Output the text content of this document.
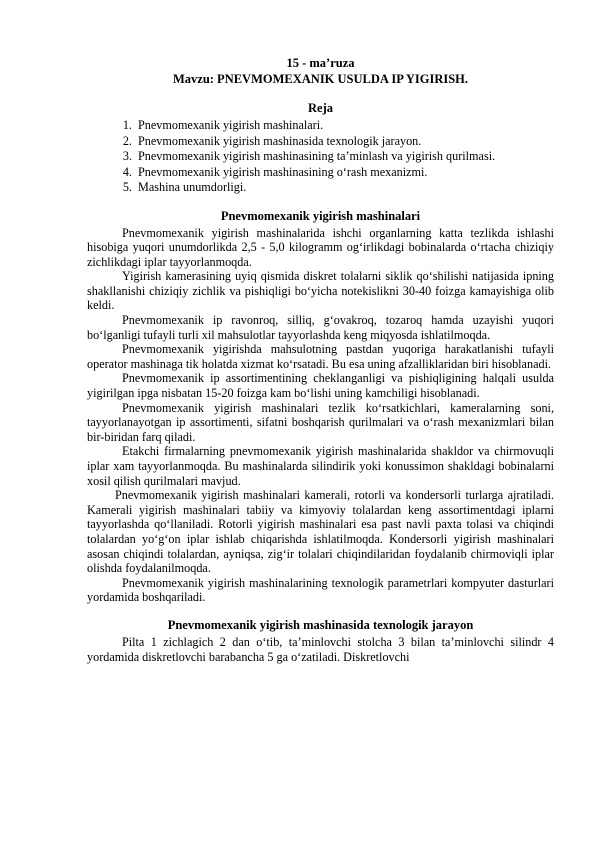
15 - ma’ruza
Mavzu: PNEVMOMEXANIK USULDA IP YIGIRISH.
Reja
1. Pnevmomexanik yigirish mashinalari.
2. Pnevmomexanik yigirish mashinasida texnologik jarayon.
3. Pnevmomexanik yigirish mashinasining ta’minlash va yigirish qurilmasi.
4. Pnevmomexanik yigirish mashinasining o‘rash mexanizmi.
5. Mashina unumdorligi.
Pnevmomexanik yigirish mashinalari

Pnevmomexanik yigirish mashinalarida ishchi organlarning katta tezlikda ishlashi hisobiga yuqori unumdorlikda 2,5 - 5,0 kilogramm og‘irlikdagi bobinalarda o‘rtacha chiziqiy zichlikdagi iplar tayyorlanmoqda.

Yigirish kamerasining uyiq qismida diskret tolalarni siklik qo‘shilishi natijasida ipning shakllanishi chiziqiy zichlik va pishiqligi bo‘yicha notekislikni 30-40 foizga kamayishiga olib keldi.

Pnevmomexanik ip ravonroq, silliq, g‘ovakroq, tozaroq hamda uzayishi yuqori bo‘lganligi tufayli turli xil mahsulotlar tayyorlashda keng miqyosda ishlatilmoqda.

Pnevmomexanik yigirishda mahsulotning pastdan yuqoriga harakatlanishi tufayli operator mashinaga tik holatda xizmat ko‘rsatadi. Bu esa uning afzalliklaridan biri hisoblanadi.

Pnevmomexanik ip assortimentining cheklanganligi va pishiqligining halqali usulda yigirilgan ipga nisbatan 15-20 foizga kam bo‘lishi uning kamchiligi hisoblanadi.

Pnevmomexanik yigirish mashinalari tezlik ko‘rsatkichlari, kameralarning soni, tayyorlanayotgan ip assortimenti, sifatni boshqarish qurilmalari va o‘rash mexanizmlari bilan bir-biridan farq qiladi.

Etakchi firmalarning pnevmomexanik yigirish mashinalarida shakldor va chirmovuqli iplar xam tayyorlanmoqda. Bu mashinalarda silindirik yoki konussimon shakldagi bobinalarni xosil qilish qurilmalari mavjud.

Pnevmomexanik yigirish mashinalari kamerali, rotorli va kondersorli turlarga ajratiladi. Kamerali yigirish mashinalari tabiiy va kimyoviy tolalardan keng assortimentdagi iplarni tayyorlashda qo‘llaniladi. Rotorli yigirish mashinalari esa past navli paxta tolasi va chiqindi tolalardan yo‘g‘on iplar ishlab chiqarishda ishlatilmoqda. Kondersorli yigirish mashinalari asosan chiqindi tolalardan, ayniqsa, zig‘ir tolalari chiqindilaridan foydalanib chirmoviqli iplar olishda foydalanilmoqda.

Pnevmomexanik yigirish mashinalarining texnologik parametrlari kompyuter dasturlari yordamida boshqariladi.

Pnevmomexanik yigirish mashinasida texnologik jarayon

Pilta 1 zichlagich 2 dan o‘tib, ta’minlovchi stolcha 3 bilan ta’minlovchi silindr 4 yordamida diskretlovchi barabancha 5 ga o‘zatiladi. Diskretlovchi
